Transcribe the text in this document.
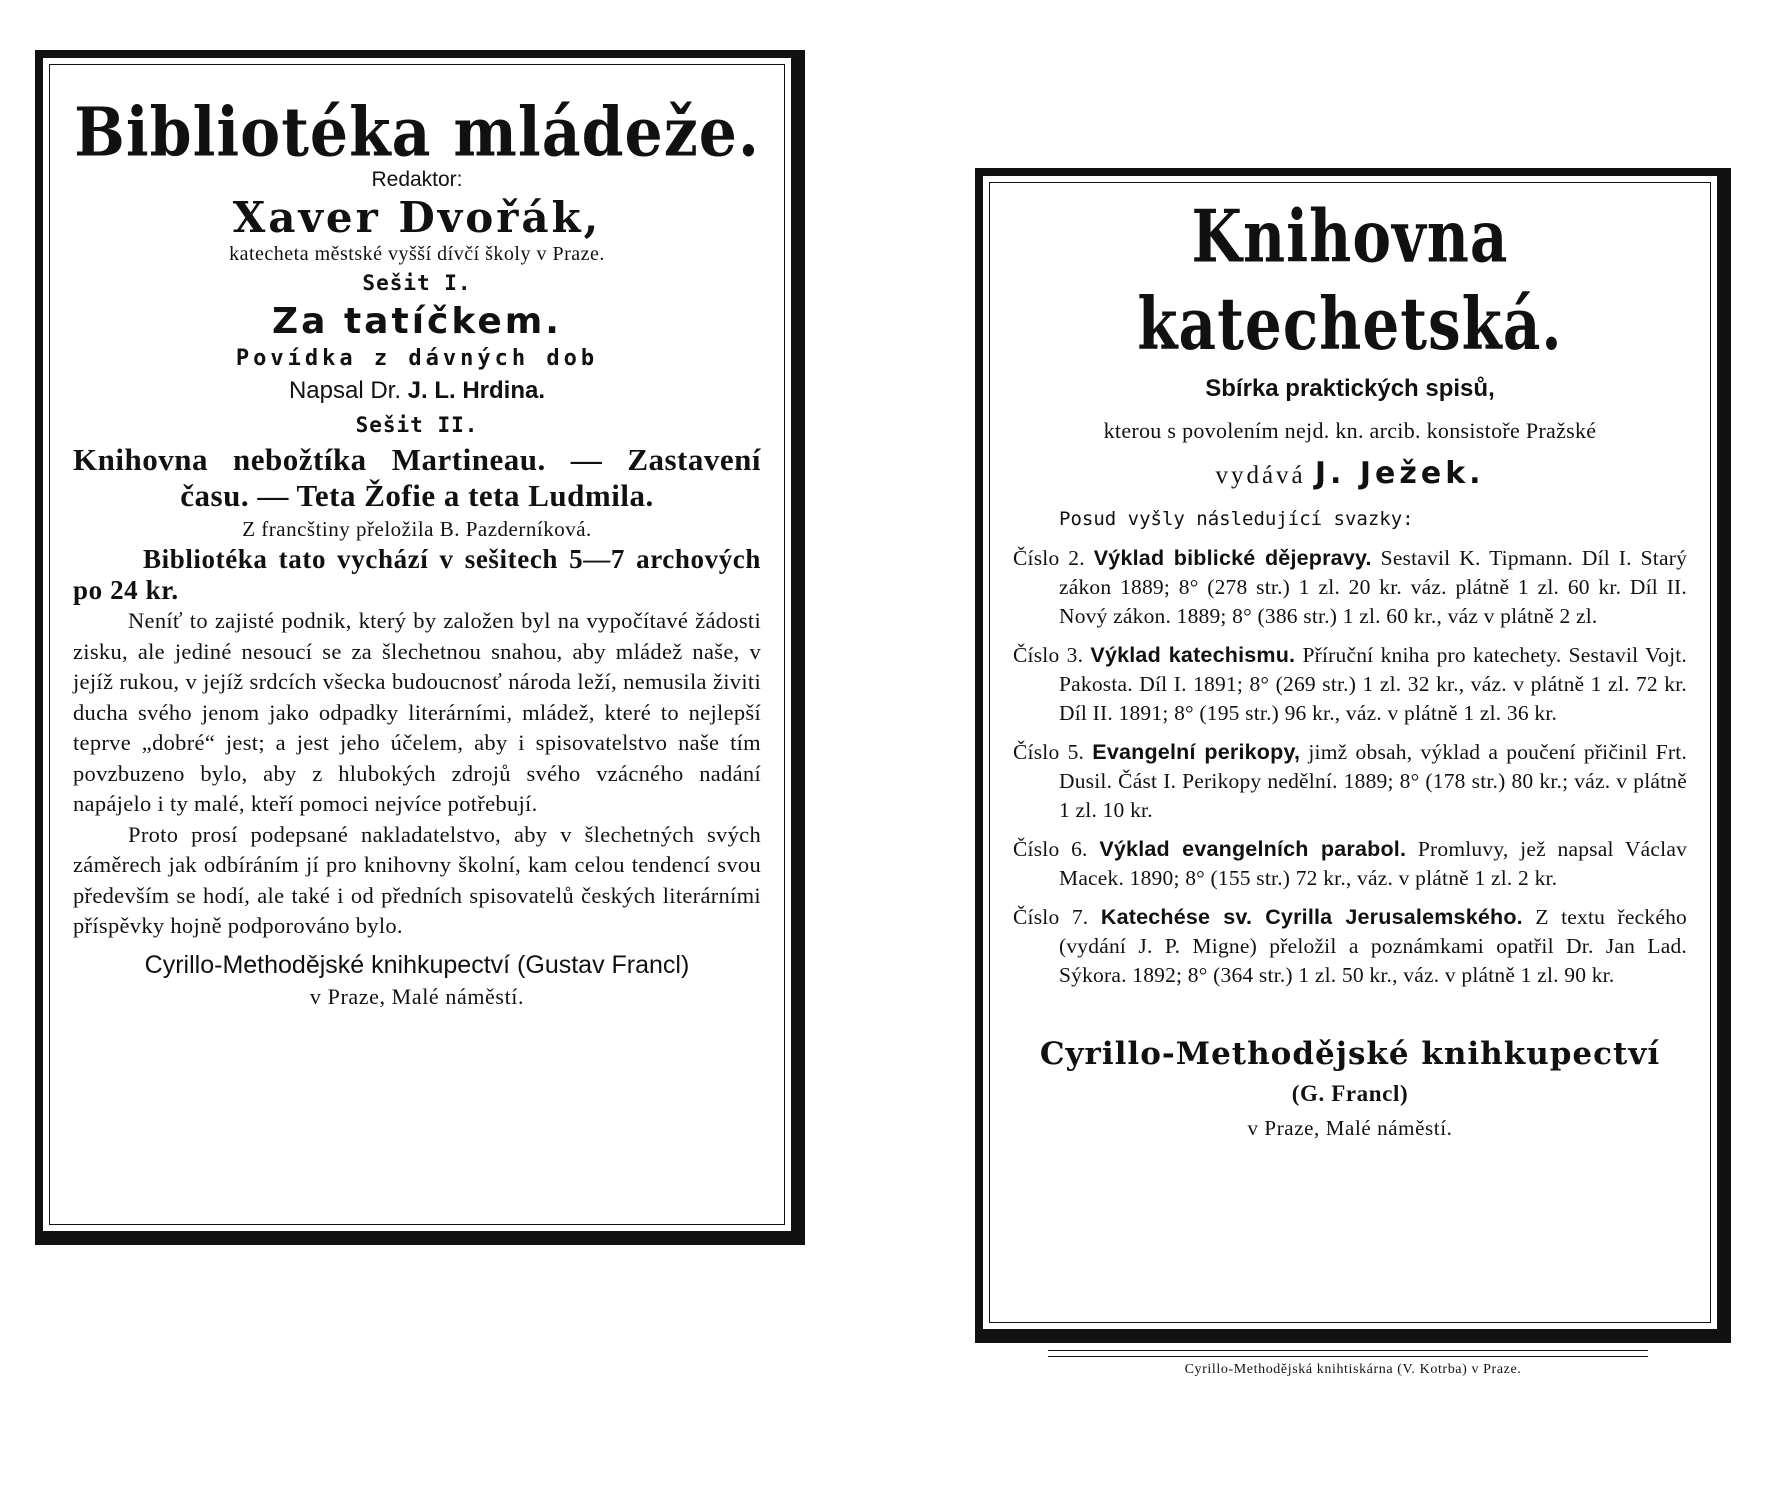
Bibliotéka mládeže.

Redaktor:

Xaver Dvořák,

katecheta městské vyšší dívčí školy v Praze.

Sešit I.

Za tatíčkem.

Povídka z dávných dob

Napsal Dr. J. L. Hrdina.

Sešit II.

Knihovna nebožtíka Martineau. — Zastavení času. — Teta Žofie a teta Ludmila.

Z francštiny přeložila B. Pazderníková.

Bibliotéka tato vychází v sešitech 5—7 archových po 24 kr.

Neníť to zajisté podnik, který by založen byl na vypočítavé žádosti zisku, ale jediné nesoucí se za šlechetnou snahou, aby mládež naše, v jejíž rukou, v jejíž srdcích všecka budoucnosť národa leží, nemusila živiti ducha svého jenom jako odpadky literárními, mládež, které to nejlepší teprve „dobré“ jest; a jest jeho účelem, aby i spisovatelstvo naše tím povzbuzeno bylo, aby z hlubokých zdrojů svého vzácného nadání napájelo i ty malé, kteří pomoci nejvíce potřebují.

Proto prosí podepsané nakladatelstvo, aby v šlechetných svých záměrech jak odbíráním jí pro knihovny školní, kam celou tendencí svou především se hodí, ale také i od předních spisovatelů českých literárními příspěvky hojně podporováno bylo.

Cyrillo-Methodějské knihkupectví (Gustav Francl)

v Praze, Malé náměstí.

Knihovna katechetská.

Sbírka praktických spisů,

kterou s povolením nejd. kn. arcib. konsistoře Pražské

vydává J. Ježek.

Posud vyšly následující svazky:

Číslo 2. Výklad biblické dějepravy. Sestavil K. Tipmann. Díl I. Starý zákon 1889; 8° (278 str.) 1 zl. 20 kr. váz. plátně 1 zl. 60 kr. Díl II. Nový zákon. 1889; 8° (386 str.) 1 zl. 60 kr., váz v plátně 2 zl.

Číslo 3. Výklad katechismu. Příruční kniha pro katechety. Sestavil Vojt. Pakosta. Díl I. 1891; 8° (269 str.) 1 zl. 32 kr., váz. v plátně 1 zl. 72 kr. Díl II. 1891; 8° (195 str.) 96 kr., váz. v plátně 1 zl. 36 kr.

Číslo 5. Evangelní perikopy, jimž obsah, výklad a poučení přičinil Frt. Dusil. Část I. Perikopy nedělní. 1889; 8° (178 str.) 80 kr.; váz. v plátně 1 zl. 10 kr.

Číslo 6. Výklad evangelních parabol. Promluvy, jež napsal Václav Macek. 1890; 8° (155 str.) 72 kr., váz. v plátně 1 zl. 2 kr.

Číslo 7. Katechése sv. Cyrilla Jerusalemského. Z textu řeckého (vydání J. P. Migne) přeložil a poznámkami opatřil Dr. Jan Lad. Sýkora. 1892; 8° (364 str.) 1 zl. 50 kr., váz. v plátně 1 zl. 90 kr.

Cyrillo-Methodějské knihkupectví

(G. Francl)

v Praze, Malé náměstí.

Cyrillo-Methodějská knihtiskárna (V. Kotrba) v Praze.
